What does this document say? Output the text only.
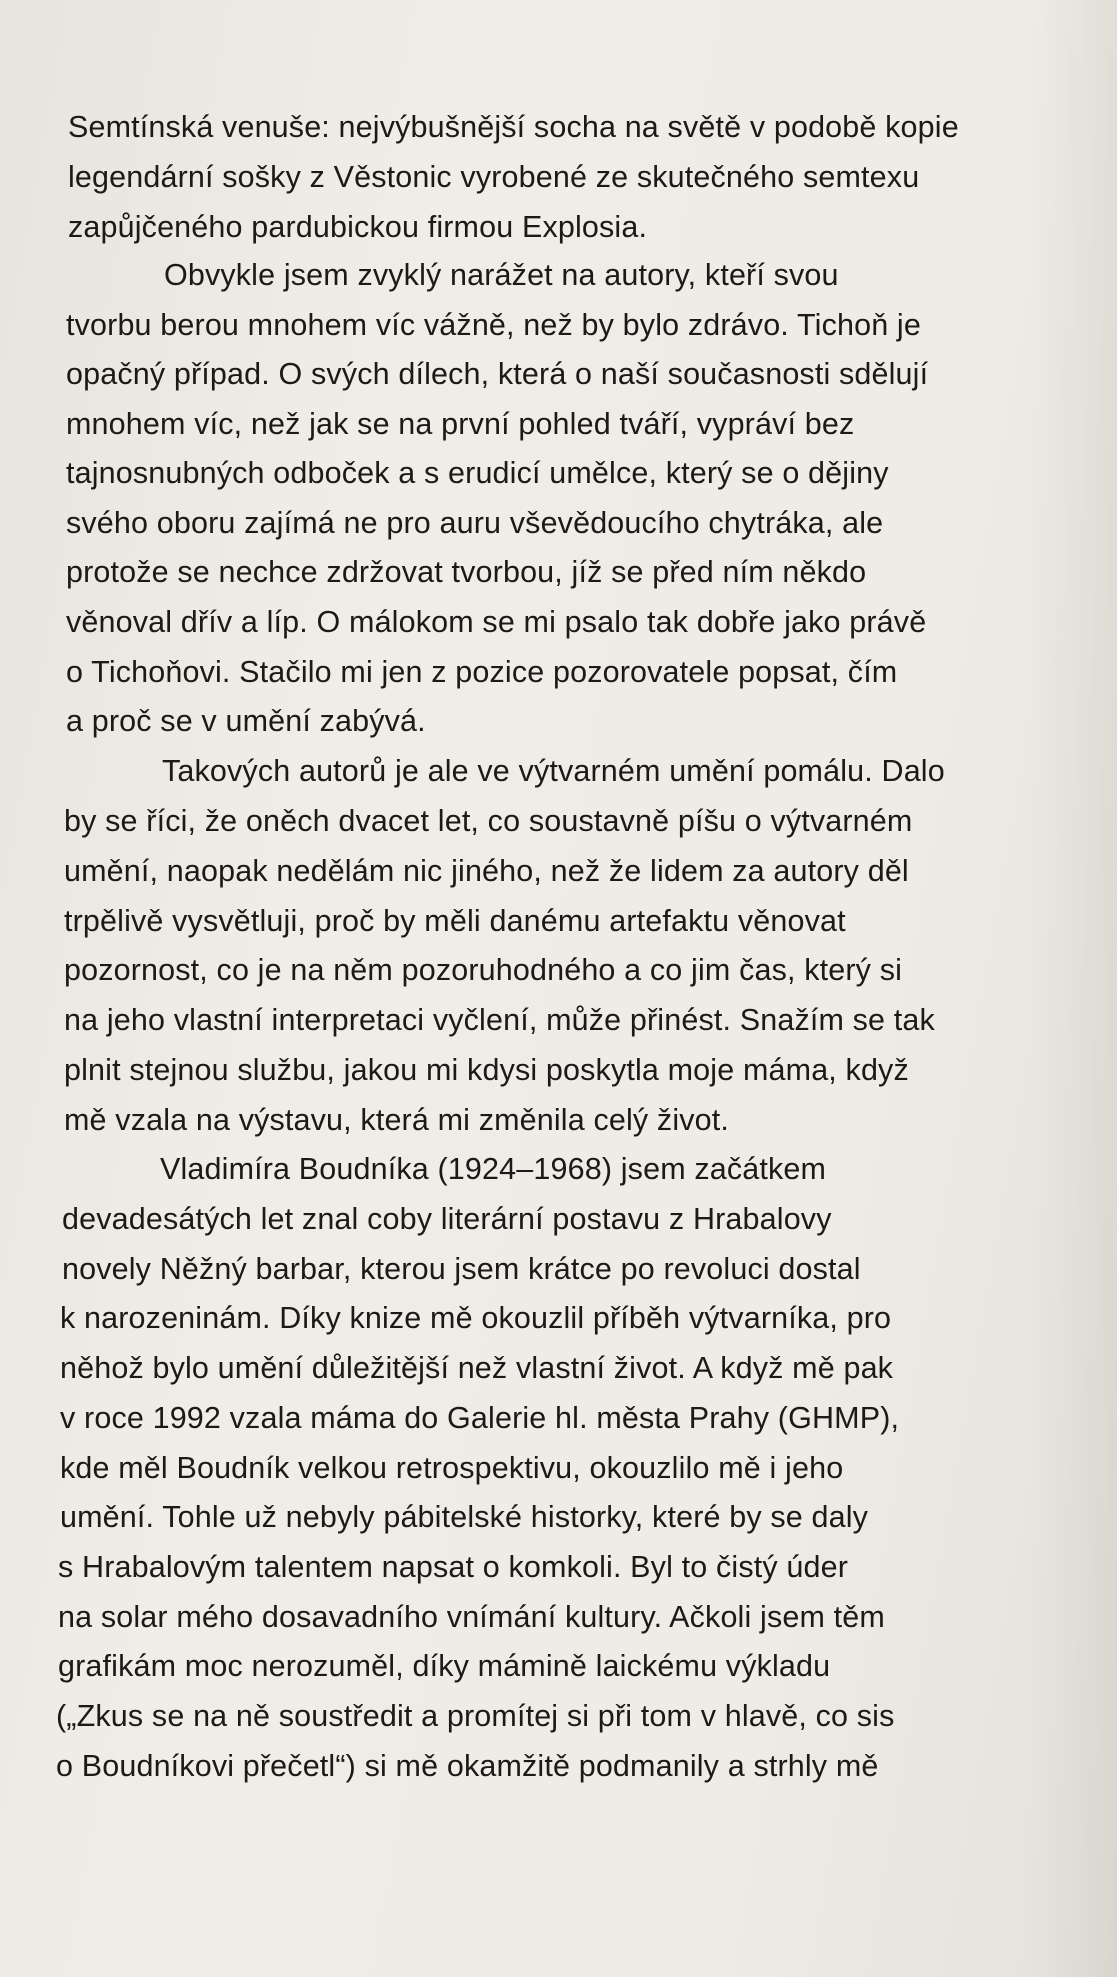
Semtínská venuše: nejvýbušnější socha na světě v podobě kopie
legendární sošky z Věstonic vyrobené ze skutečného semtexu
zapůjčeného pardubickou firmou Explosia.
Obvykle jsem zvyklý narážet na autory, kteří svou
tvorbu berou mnohem víc vážně, než by bylo zdrávo. Tichoň je
opačný případ. O svých dílech, která o naší současnosti sdělují
mnohem víc, než jak se na první pohled tváří, vypráví bez
tajnosnubných odboček a s erudicí umělce, který se o dějiny
svého oboru zajímá ne pro auru vševědoucího chytráka, ale
protože se nechce zdržovat tvorbou, jíž se před ním někdo
věnoval dřív a líp. O málokom se mi psalo tak dobře jako právě
o Tichoňovi. Stačilo mi jen z pozice pozorovatele popsat, čím
a proč se v umění zabývá.
Takových autorů je ale ve výtvarném umění pomálu. Dalo
by se říci, že oněch dvacet let, co soustavně píšu o výtvarném
umění, naopak nedělám nic jiného, než že lidem za autory děl
trpělivě vysvětluji, proč by měli danému artefaktu věnovat
pozornost, co je na něm pozoruhodného a co jim čas, který si
na jeho vlastní interpretaci vyčlení, může přinést. Snažím se tak
plnit stejnou službu, jakou mi kdysi poskytla moje máma, když
mě vzala na výstavu, která mi změnila celý život.
Vladimíra Boudníka (1924–1968) jsem začátkem
devadesátých let znal coby literární postavu z Hrabalovy
novely Něžný barbar, kterou jsem krátce po revoluci dostal
k narozeninám. Díky knize mě okouzlil příběh výtvarníka, pro
něhož bylo umění důležitější než vlastní život. A když mě pak
v roce 1992 vzala máma do Galerie hl. města Prahy (GHMP),
kde měl Boudník velkou retrospektivu, okouzlilo mě i jeho
umění. Tohle už nebyly pábitelské historky, které by se daly
s Hrabalovým talentem napsat o komkoli. Byl to čistý úder
na solar mého dosavadního vnímání kultury. Ačkoli jsem těm
grafikám moc nerozuměl, díky mámině laickému výkladu
(„Zkus se na ně soustředit a promítej si při tom v hlavě, co sis
o Boudníkovi přečetl“) si mě okamžitě podmanily a strhly mě
